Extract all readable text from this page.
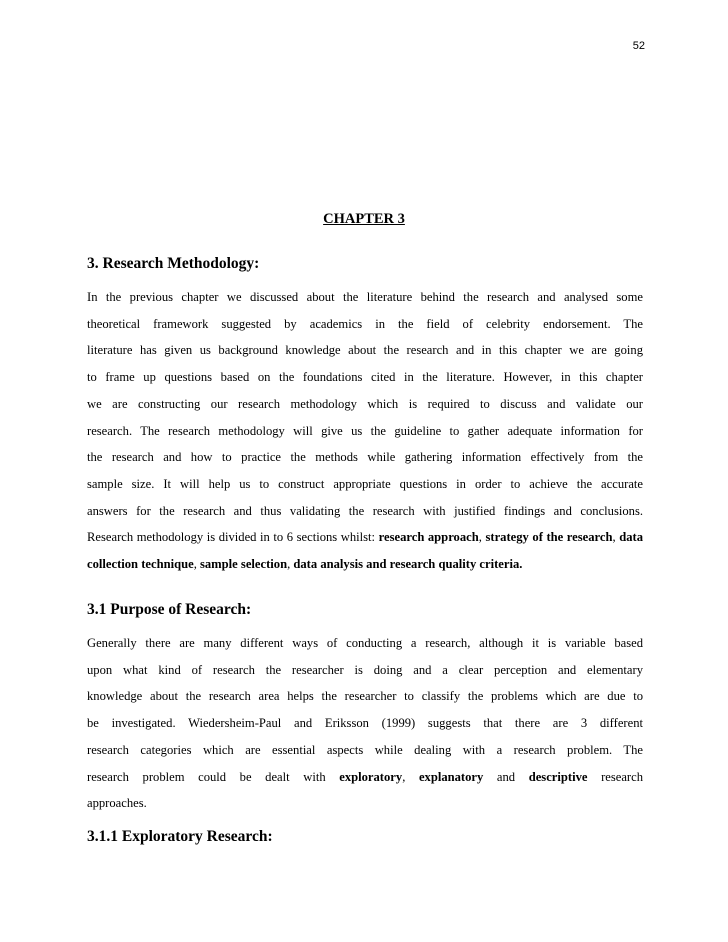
52
CHAPTER 3
3. Research Methodology:
In the previous chapter we discussed about the literature behind the research and analysed some
theoretical framework suggested by academics in the field of celebrity endorsement. The
literature has given us background knowledge about the research and in this chapter we are going
to frame up questions based on the foundations cited in the literature. However, in this chapter
we are constructing our research methodology which is required to discuss and validate our
research. The research methodology will give us the guideline to gather adequate information for
the research and how to practice the methods while gathering information effectively from the
sample size. It will help us to construct appropriate questions in order to achieve the accurate
answers for the research and thus validating the research with justified findings and conclusions.
Research methodology is divided in to 6 sections whilst: research approach, strategy of the research, data collection technique, sample selection, data analysis and research quality criteria.
3.1 Purpose of Research:
Generally there are many different ways of conducting a research, although it is variable based
upon what kind of research the researcher is doing and a clear perception and elementary
knowledge about the research area helps the researcher to classify the problems which are due to
be investigated. Wiedersheim-Paul and Eriksson (1999) suggests that there are 3 different
research categories which are essential aspects while dealing with a research problem. The
research problem could be dealt with exploratory, explanatory and descriptive research
approaches.
3.1.1 Exploratory Research:
